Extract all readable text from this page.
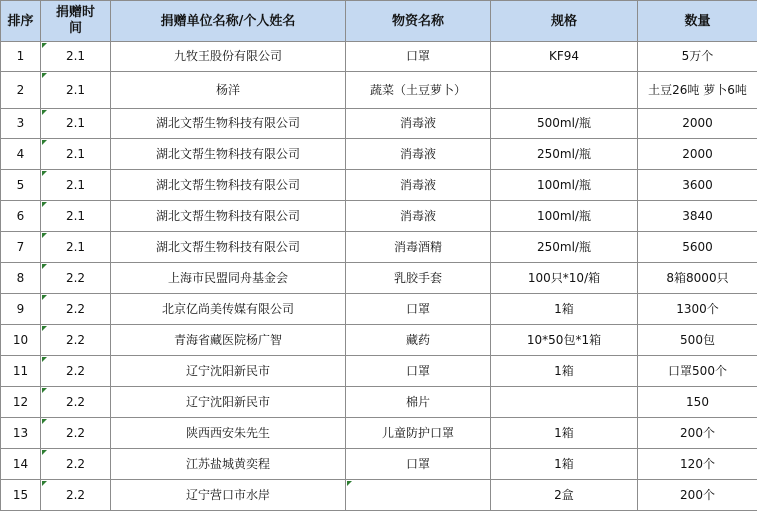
排序	捐赠时间	捐赠单位名称/个人姓名	物资名称	规格	数量
1	2.1	九牧王股份有限公司	口罩	KF94	5万个
2	2.1	杨洋	蔬菜（土豆萝卜）		土豆26吨 萝卜6吨
3	2.1	湖北文帮生物科技有限公司	消毒液	500ml/瓶	2000
4	2.1	湖北文帮生物科技有限公司	消毒液	250ml/瓶	2000
5	2.1	湖北文帮生物科技有限公司	消毒液	100ml/瓶	3600
6	2.1	湖北文帮生物科技有限公司	消毒液	100ml/瓶	3840
7	2.1	湖北文帮生物科技有限公司	消毒酒精	250ml/瓶	5600
8	2.2	上海市民盟同舟基金会	乳胶手套	100只*10/箱	8箱8000只
9	2.2	北京亿尚美传媒有限公司	口罩	1箱	1300个
10	2.2	青海省藏医院杨广智	藏药	10*50包*1箱	500包
11	2.2	辽宁沈阳新民市	口罩	1箱	口罩500个
12	2.2	辽宁沈阳新民市	棉片		150
13	2.2	陕西西安朱先生	儿童防护口罩	1箱	200个
14	2.2	江苏盐城黄奕程	口罩	1箱	120个
15	2.2	辽宁营口市水岸		2盒	200个
